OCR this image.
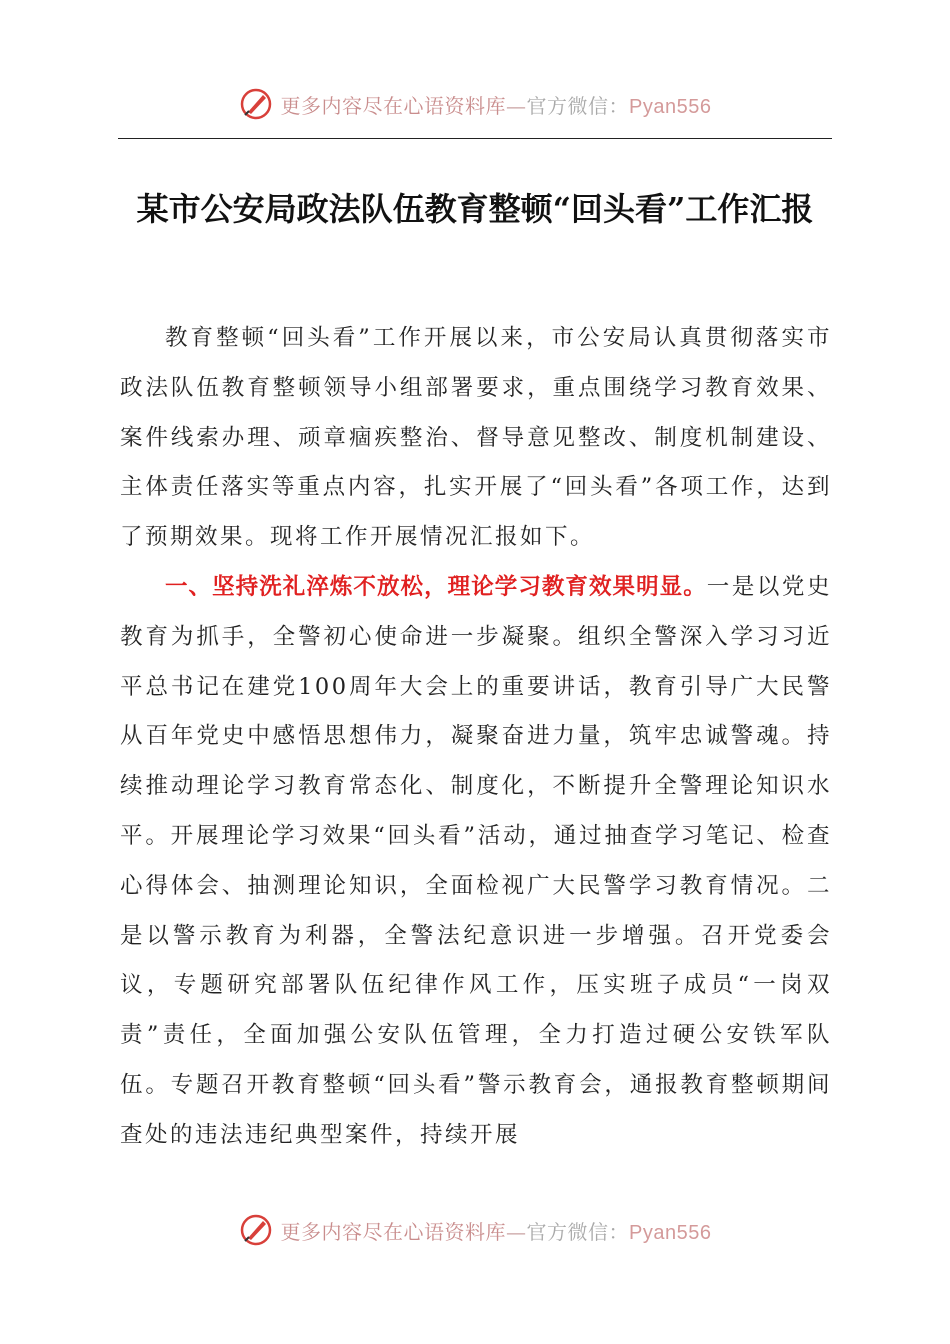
更多内容尽在心语资料库—官方微信：Pyan556
某市公安局政法队伍教育整顿“回头看”工作汇报

教育整顿“回头看”工作开展以来，市公安局认真贯彻落实市政法队伍教育整顿领导小组部署要求，重点围绕学习教育效果、案件线索办理、顽章痼疾整治、督导意见整改、制度机制建设、主体责任落实等重点内容，扎实开展了“回头看”各项工作，达到了预期效果。现将工作开展情况汇报如下。

一、坚持洗礼淬炼不放松，理论学习教育效果明显。一是以党史教育为抓手，全警初心使命进一步凝聚。组织全警深入学习习近平总书记在建党100周年大会上的重要讲话，教育引导广大民警从百年党史中感悟思想伟力，凝聚奋进力量，筑牢忠诚警魂。持续推动理论学习教育常态化、制度化，不断提升全警理论知识水平。开展理论学习效果“回头看”活动，通过抽查学习笔记、检查心得体会、抽测理论知识，全面检视广大民警学习教育情况。二是以警示教育为利器，全警法纪意识进一步增强。召开党委会议，专题研究部署队伍纪律作风工作，压实班子成员“一岗双责”责任，全面加强公安队伍管理，全力打造过硬公安铁军队伍。专题召开教育整顿“回头看”警示教育会，通报教育整顿期间查处的违法违纪典型案件，持续开展

更多内容尽在心语资料库—官方微信：Pyan556
